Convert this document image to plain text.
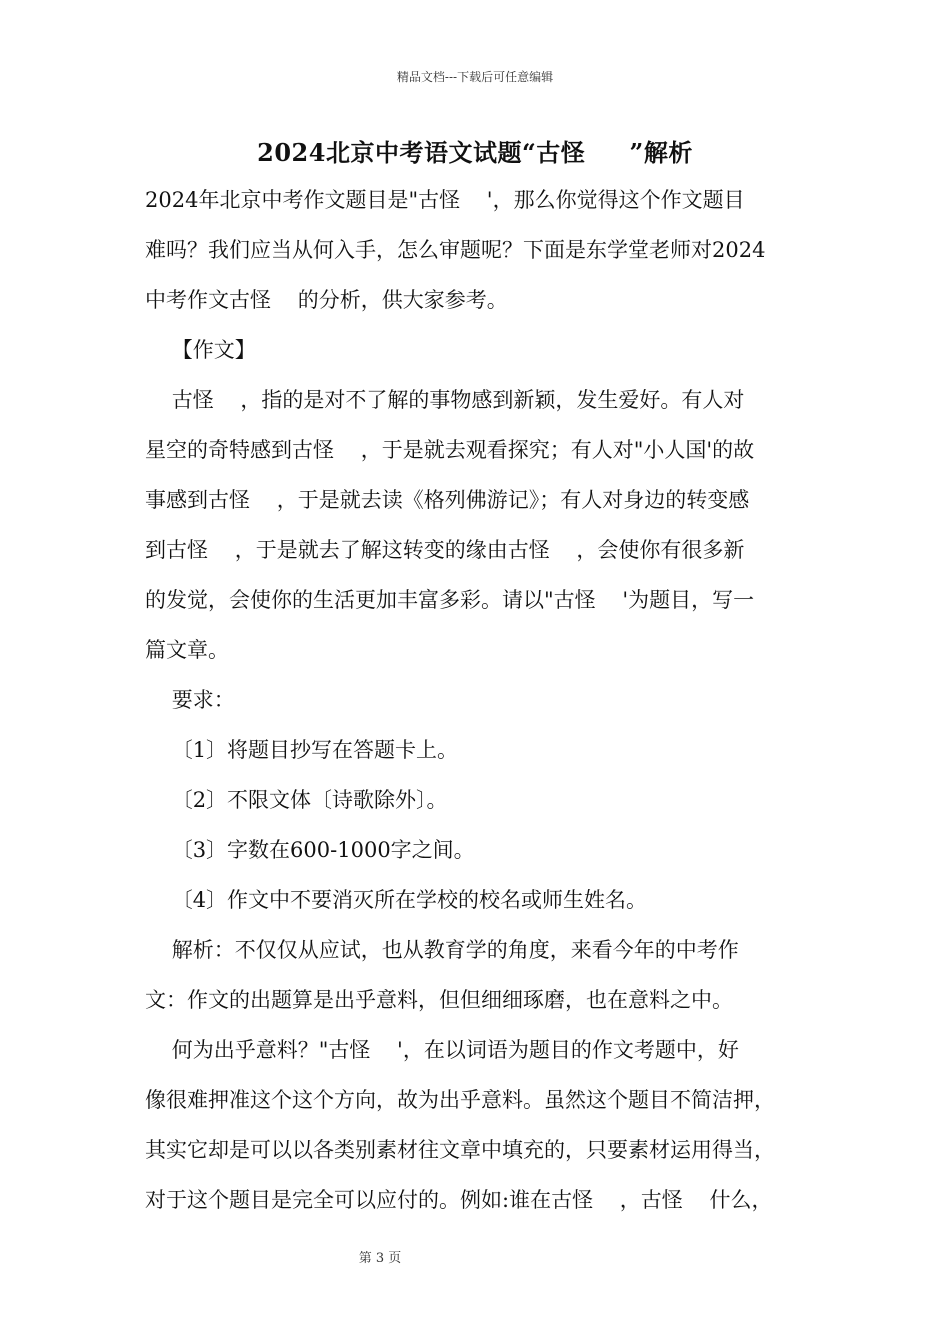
精品文档---下载后可任意编辑
2024北京中考语文试题“古怪     ”解析
2024年北京中考作文题目是"古怪    '，那么你觉得这个作文题目
难吗？我们应当从何入手，怎么审题呢？下面是东学堂老师对2024
中考作文古怪    的分析，供大家参考。
【作文】
古怪    ，指的是对不了解的事物感到新颖，发生爱好。有人对
星空的奇特感到古怪    ，于是就去观看探究；有人对"小人国'的故
事感到古怪    ，于是就去读《格列佛游记》；有人对身边的转变感
到古怪    ，于是就去了解这转变的缘由古怪    ，会使你有很多新
的发觉，会使你的生活更加丰富多彩。请以"古怪    '为题目，写一
篇文章。
要求：
〔1〕将题目抄写在答题卡上。
〔2〕不限文体〔诗歌除外〕。
〔3〕字数在600-1000字之间。
〔4〕作文中不要消灭所在学校的校名或师生姓名。
解析：不仅仅从应试，也从教育学的角度，来看今年的中考作
文：作文的出题算是出乎意料，但但细细琢磨，也在意料之中。
何为出乎意料？"古怪    '，在以词语为题目的作文考题中，好
像很难押准这个这个方向，故为出乎意料。虽然这个题目不简洁押，
其实它却是可以以各类别素材往文章中填充的，只要素材运用得当，
对于这个题目是完全可以应付的。例如:谁在古怪    ，古怪    什么，
第 3 页
